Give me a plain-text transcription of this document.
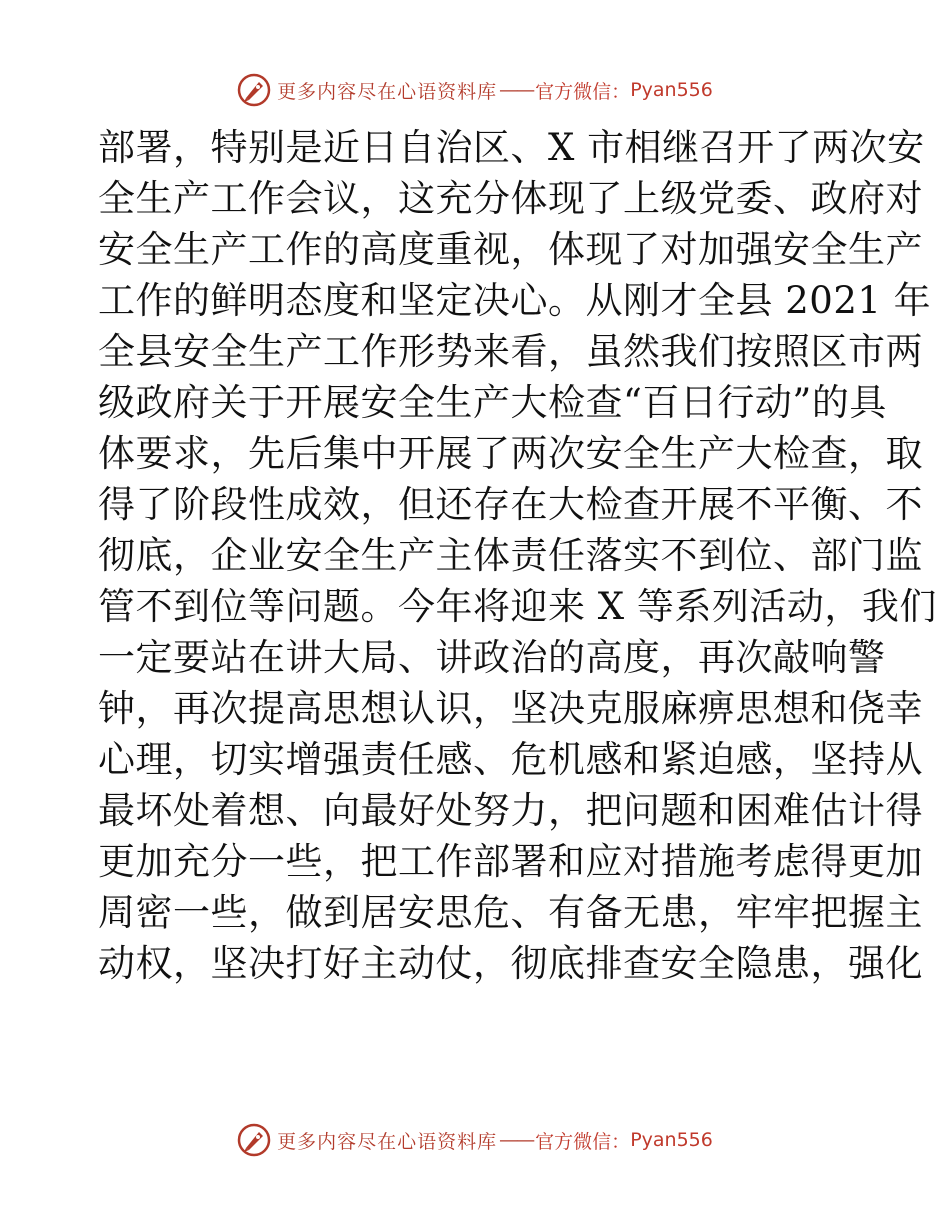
更多内容尽在心语资料库 —— 官方微信： Pyan556
部署，特别是近日自治区、X 市相继召开了两次安
全生产工作会议，这充分体现了上级党委、政府对
安全生产工作的高度重视，体现了对加强安全生产
工作的鲜明态度和坚定决心。从刚才全县 2021 年
全县安全生产工作形势来看，虽然我们按照区市两
级政府关于开展安全生产大检查“百日行动”的具
体要求，先后集中开展了两次安全生产大检查，取
得了阶段性成效，但还存在大检查开展不平衡、不
彻底，企业安全生产主体责任落实不到位、部门监
管不到位等问题。今年将迎来 X 等系列活动，我们
一定要站在讲大局、讲政治的高度，再次敲响警
钟，再次提高思想认识，坚决克服麻痹思想和侥幸
心理，切实增强责任感、危机感和紧迫感，坚持从
最坏处着想、向最好处努力，把问题和困难估计得
更加充分一些，把工作部署和应对措施考虑得更加
周密一些，做到居安思危、有备无患，牢牢把握主
动权，坚决打好主动仗，彻底排查安全隐患，强化
更多内容尽在心语资料库 —— 官方微信： Pyan556
